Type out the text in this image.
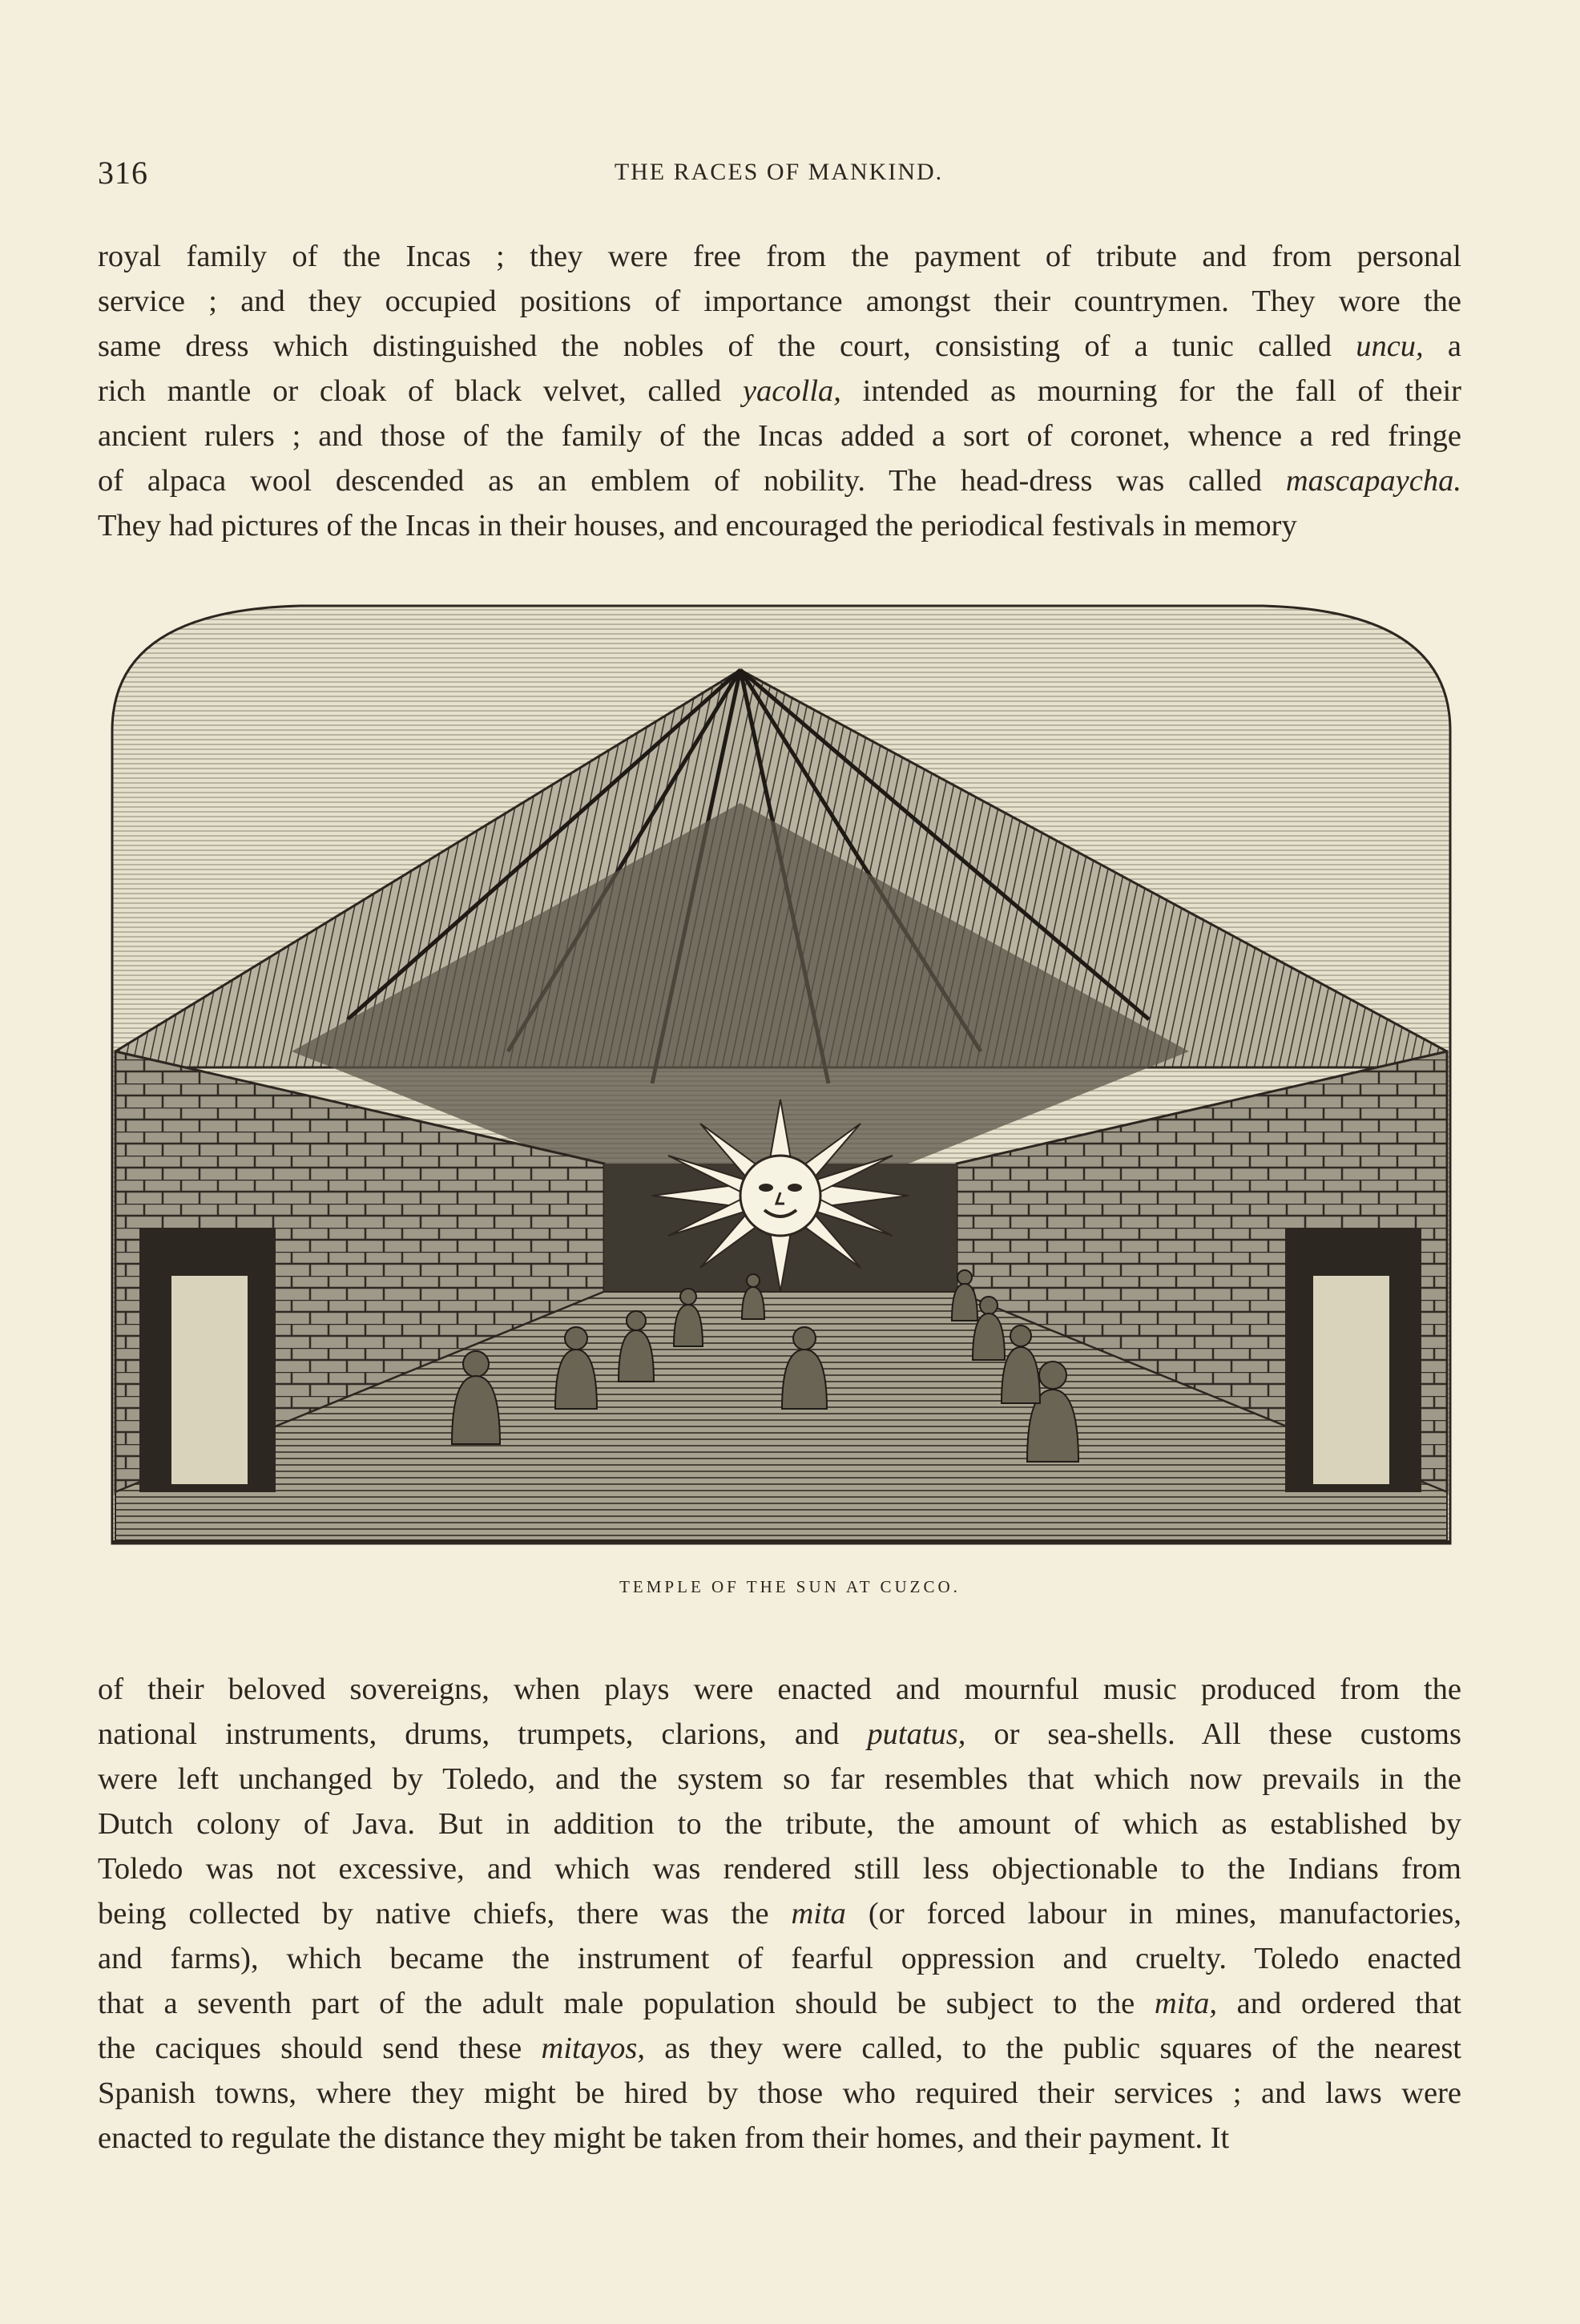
316	THE RACES OF MANKIND.
royal family of the Incas ; they were free from the payment of tribute and from personal
service ; and they occupied positions of importance amongst their countrymen. They wore the
same dress which distinguished the nobles of the court, consisting of a tunic called uncu, a
rich mantle or cloak of black velvet, called yacolla, intended as mourning for the fall of their
ancient rulers ; and those of the family of the Incas added a sort of coronet, whence a red fringe
of alpaca wool descended as an emblem of nobility. The head-dress was called mascapaycha.
They had pictures of the Incas in their houses, and encouraged the periodical festivals in memory
TEMPLE OF THE SUN AT CUZCO.
of their beloved sovereigns, when plays were enacted and mournful music produced from the
national instruments, drums, trumpets, clarions, and putatus, or sea-shells. All these customs
were left unchanged by Toledo, and the system so far resembles that which now prevails in the
Dutch colony of Java. But in addition to the tribute, the amount of which as established by
Toledo was not excessive, and which was rendered still less objectionable to the Indians from
being collected by native chiefs, there was the mita (or forced labour in mines, manufactories,
and farms), which became the instrument of fearful oppression and cruelty. Toledo enacted
that a seventh part of the adult male population should be subject to the mita, and ordered that
the caciques should send these mitayos, as they were called, to the public squares of the nearest
Spanish towns, where they might be hired by those who required their services ; and laws were
enacted to regulate the distance they might be taken from their homes, and their payment. It
